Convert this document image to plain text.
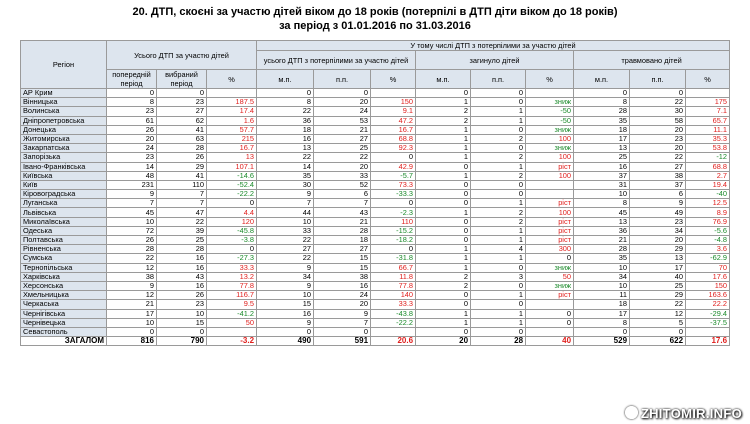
20. ДТП, скоєні за участю дітей віком до 18 років (потерпілі в ДТП діти віком до 18 років)
за період з 01.01.2016 по 31.03.2016
Регіон	Усього ДТП за участю дітей			У тому числі ДТП з потерпілими за участю дітей								
				усього ДТП з потерпілими за участю дітей			загинуло дітей			травмовано дітей		
	попередній період	вибраний період	%	м.п.	п.п.	%	м.п.	п.п.	%	м.п.	п.п.	%
АР Крим	0	0		0	0		0	0		0	0	
Вінницька	8	23	187.5	8	20	150	1	0	зниж	8	22	175
Волинська	23	27	17.4	22	24	9.1	2	1	-50	28	30	7.1
Дніпропетровська	61	62	1.6	36	53	47.2	2	1	-50	35	58	65.7
Донецька	26	41	57.7	18	21	16.7	1	0	зниж	18	20	11.1
Житомирська	20	63	215	16	27	68.8	1	2	100	17	23	35.3
Закарпатська	24	28	16.7	13	25	92.3	1	0	зниж	13	20	53.8
Запорізька	23	26	13	22	22	0	1	2	100	25	22	-12
Івано-Франківська	14	29	107.1	14	20	42.9	0	1	ріст	16	27	68.8
Київська	48	41	-14.6	35	33	-5.7	1	2	100	37	38	2.7
Київ	231	110	-52.4	30	52	73.3	0	0		31	37	19.4
Кіровоградська	9	7	-22.2	9	6	-33.3	0	0		10	6	-40
Луганська	7	7	0	7	7	0	0	1	ріст	8	9	12.5
Львівська	45	47	4.4	44	43	-2.3	1	2	100	45	49	8.9
Миколаївська	10	22	120	10	21	110	0	2	ріст	13	23	76.9
Одеська	72	39	-45.8	33	28	-15.2	0	1	ріст	36	34	-5.6
Полтавська	26	25	-3.8	22	18	-18.2	0	1	ріст	21	20	-4.8
Рівненська	28	28	0	27	27	0	1	4	300	28	29	3.6
Сумська	22	16	-27.3	22	15	-31.8	1	1	0	35	13	-62.9
Тернопільська	12	16	33.3	9	15	66.7	1	0	зниж	10	17	70
Харківська	38	43	13.2	34	38	11.8	2	3	50	34	40	17.6
Херсонська	9	16	77.8	9	16	77.8	2	0	зниж	10	25	150
Хмельницька	12	26	116.7	10	24	140	0	1	ріст	11	29	163.6
Черкаська	21	23	9.5	15	20	33.3	0	0		18	22	22.2
Чернігівська	17	10	-41.2	16	9	-43.8	1	1	0	17	12	-29.4
Чернівецька	10	15	50	9	7	-22.2	1	1	0	8	5	-37.5
Севастополь	0	0		0	0		0	0		0	0	
ЗАГАЛОМ	816	790	-3.2	490	591	20.6	20	28	40	529	622	17.6
ZHITOMIR.INFO
